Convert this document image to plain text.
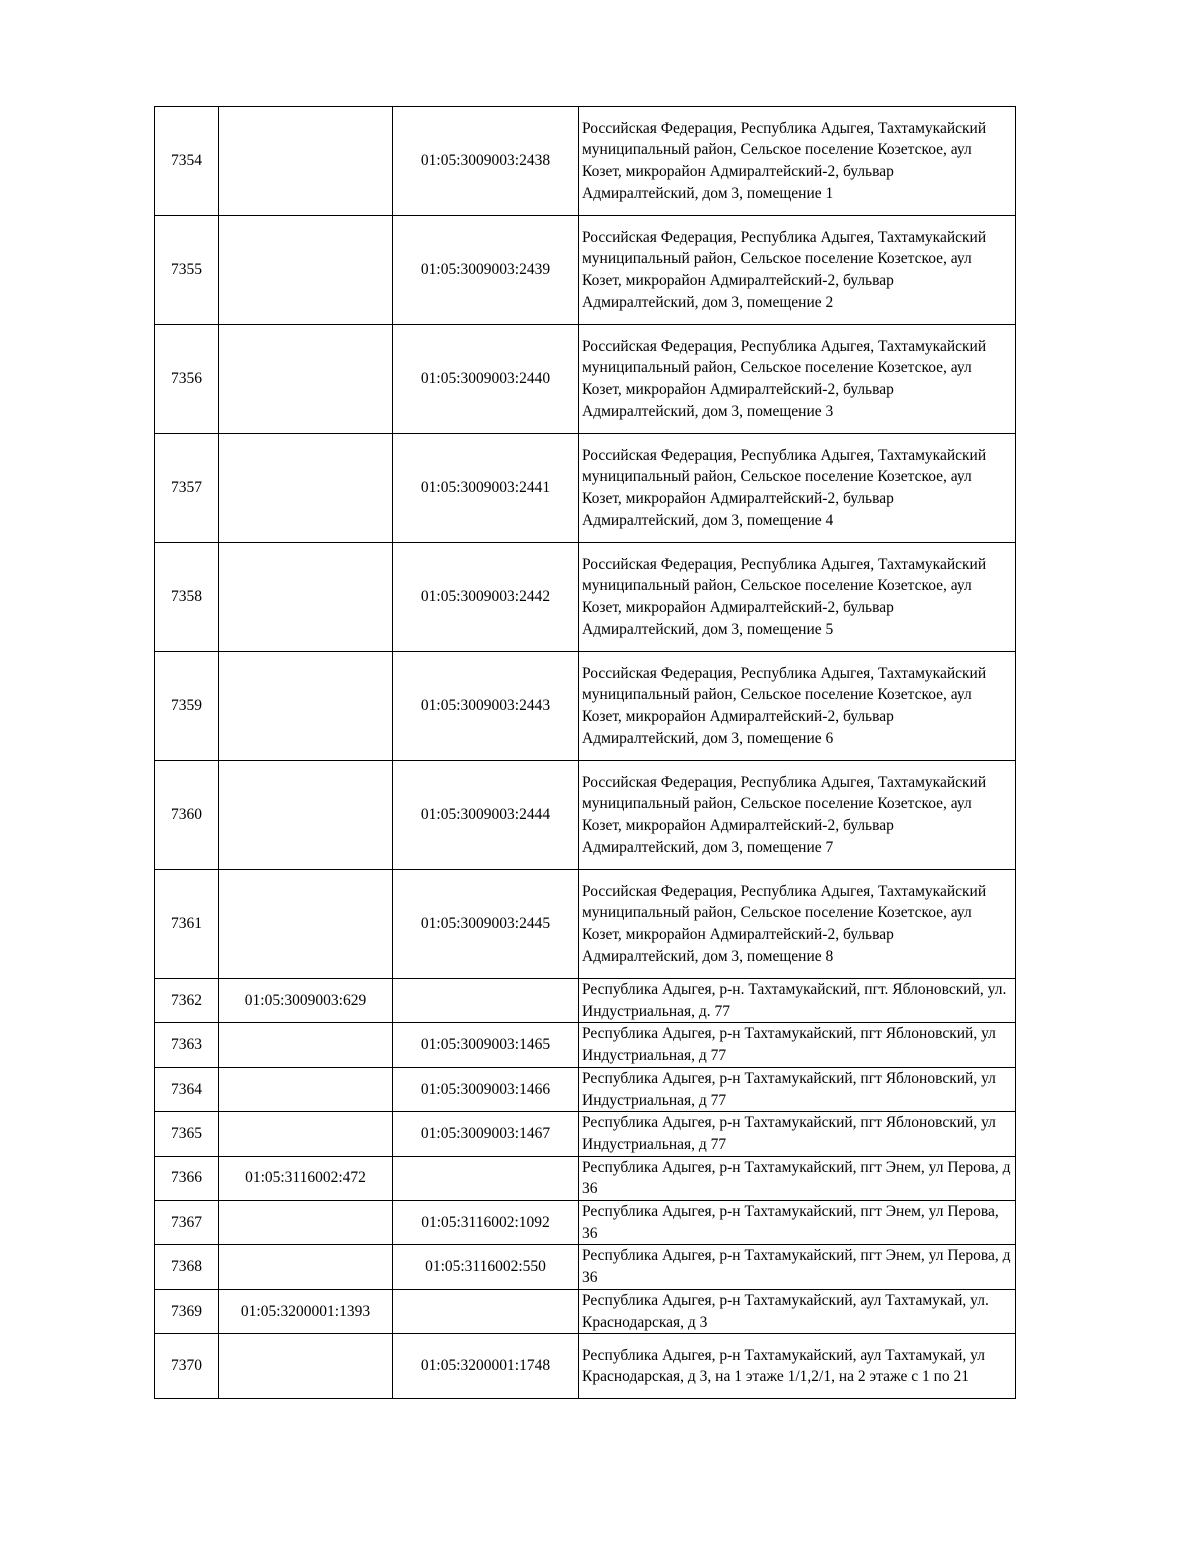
7354		01:05:3009003:2438	Российская Федерация, Республика Адыгея, Тахтамукайский муниципальный район, Сельское поселение Козетское, аул Козет, микрорайон Адмиралтейский-2, бульвар Адмиралтейский, дом 3, помещение 1
7355		01:05:3009003:2439	Российская Федерация, Республика Адыгея, Тахтамукайский муниципальный район, Сельское поселение Козетское, аул Козет, микрорайон Адмиралтейский-2, бульвар Адмиралтейский, дом 3, помещение 2
7356		01:05:3009003:2440	Российская Федерация, Республика Адыгея, Тахтамукайский муниципальный район, Сельское поселение Козетское, аул Козет, микрорайон Адмиралтейский-2, бульвар Адмиралтейский, дом 3, помещение 3
7357		01:05:3009003:2441	Российская Федерация, Республика Адыгея, Тахтамукайский муниципальный район, Сельское поселение Козетское, аул Козет, микрорайон Адмиралтейский-2, бульвар Адмиралтейский, дом 3, помещение 4
7358		01:05:3009003:2442	Российская Федерация, Республика Адыгея, Тахтамукайский муниципальный район, Сельское поселение Козетское, аул Козет, микрорайон Адмиралтейский-2, бульвар Адмиралтейский, дом 3, помещение 5
7359		01:05:3009003:2443	Российская Федерация, Республика Адыгея, Тахтамукайский муниципальный район, Сельское поселение Козетское, аул Козет, микрорайон Адмиралтейский-2, бульвар Адмиралтейский, дом 3, помещение 6
7360		01:05:3009003:2444	Российская Федерация, Республика Адыгея, Тахтамукайский муниципальный район, Сельское поселение Козетское, аул Козет, микрорайон Адмиралтейский-2, бульвар Адмиралтейский, дом 3, помещение 7
7361		01:05:3009003:2445	Российская Федерация, Республика Адыгея, Тахтамукайский муниципальный район, Сельское поселение Козетское, аул Козет, микрорайон Адмиралтейский-2, бульвар Адмиралтейский, дом 3, помещение 8
7362	01:05:3009003:629		Республика Адыгея, р-н. Тахтамукайский, пгт. Яблоновский, ул. Индустриальная, д. 77
7363		01:05:3009003:1465	Республика Адыгея, р-н Тахтамукайский, пгт Яблоновский, ул Индустриальная, д 77
7364		01:05:3009003:1466	Республика Адыгея, р-н Тахтамукайский, пгт Яблоновский, ул Индустриальная, д 77
7365		01:05:3009003:1467	Республика Адыгея, р-н Тахтамукайский, пгт Яблоновский, ул Индустриальная, д 77
7366	01:05:3116002:472		Республика Адыгея, р-н Тахтамукайский, пгт Энем, ул Перова, д 36
7367		01:05:3116002:1092	Республика Адыгея, р-н Тахтамукайский, пгт Энем, ул Перова, 36
7368		01:05:3116002:550	Республика Адыгея, р-н Тахтамукайский, пгт Энем, ул Перова, д 36
7369	01:05:3200001:1393		Республика Адыгея, р-н Тахтамукайский, аул Тахтамукай, ул. Краснодарская, д 3
7370		01:05:3200001:1748	Республика Адыгея, р-н Тахтамукайский, аул Тахтамукай, ул Краснодарская, д 3, на 1 этаже 1/1,2/1, на 2 этаже с 1 по 21
